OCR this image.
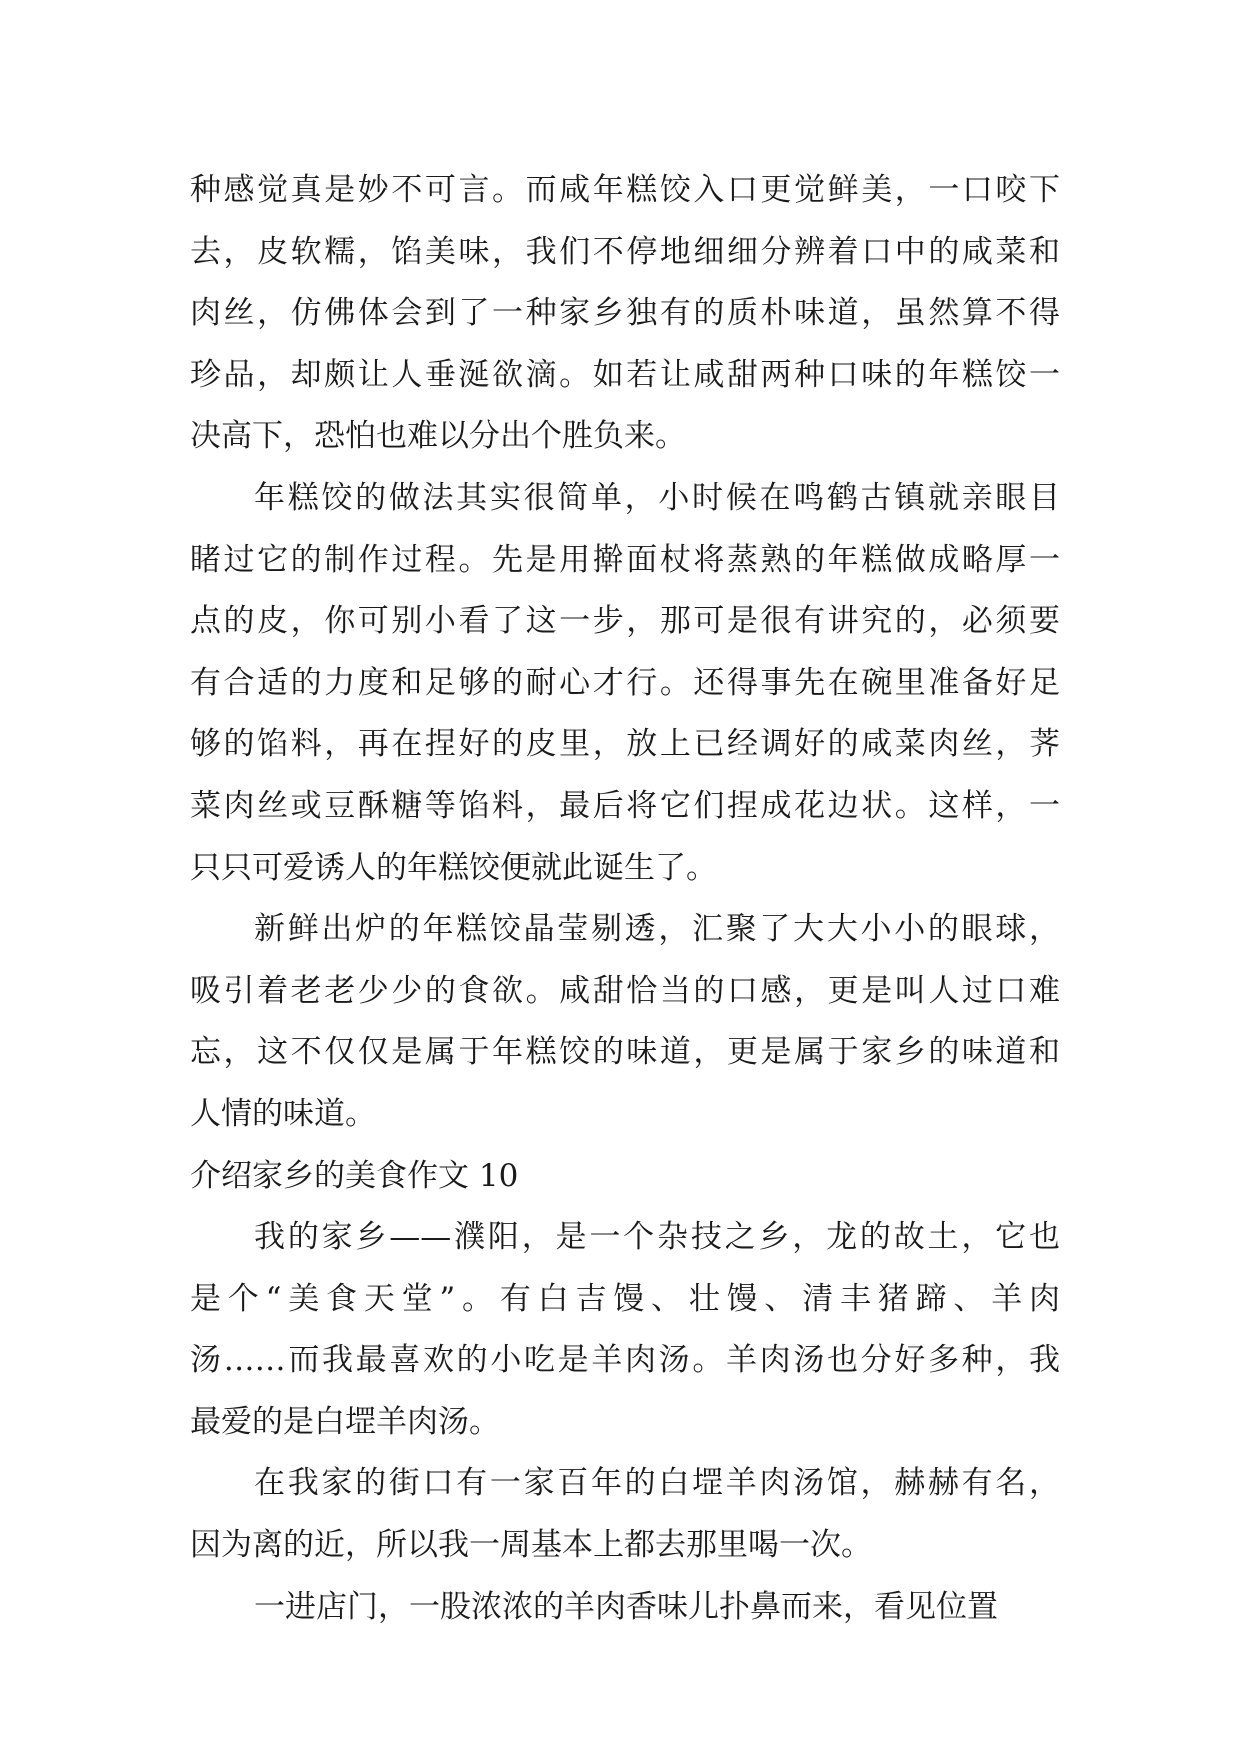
种感觉真是妙不可言。而咸年糕饺入口更觉鲜美，一口咬下
去，皮软糯，馅美味，我们不停地细细分辨着口中的咸菜和
肉丝，仿佛体会到了一种家乡独有的质朴味道，虽然算不得
珍品，却颇让人垂涎欲滴。如若让咸甜两种口味的年糕饺一
决高下，恐怕也难以分出个胜负来。
年糕饺的做法其实很简单，小时候在鸣鹤古镇就亲眼目
睹过它的制作过程。先是用擀面杖将蒸熟的年糕做成略厚一
点的皮，你可别小看了这一步，那可是很有讲究的，必须要
有合适的力度和足够的耐心才行。还得事先在碗里准备好足
够的馅料，再在捏好的皮里，放上已经调好的咸菜肉丝，荠
菜肉丝或豆酥糖等馅料，最后将它们捏成花边状。这样，一
只只可爱诱人的年糕饺便就此诞生了。
新鲜出炉的年糕饺晶莹剔透，汇聚了大大小小的眼球，
吸引着老老少少的食欲。咸甜恰当的口感，更是叫人过口难
忘，这不仅仅是属于年糕饺的味道，更是属于家乡的味道和
人情的味道。
介绍家乡的美食作文 10
我的家乡——濮阳，是一个杂技之乡，龙的故土，它也
是个“美食天堂”。有白吉馒、壮馒、清丰猪蹄、羊肉
汤……而我最喜欢的小吃是羊肉汤。羊肉汤也分好多种，我
最爱的是白堽羊肉汤。
在我家的街口有一家百年的白堽羊肉汤馆，赫赫有名，
因为离的近，所以我一周基本上都去那里喝一次。
一进店门，一股浓浓的羊肉香味儿扑鼻而来，看见位置
